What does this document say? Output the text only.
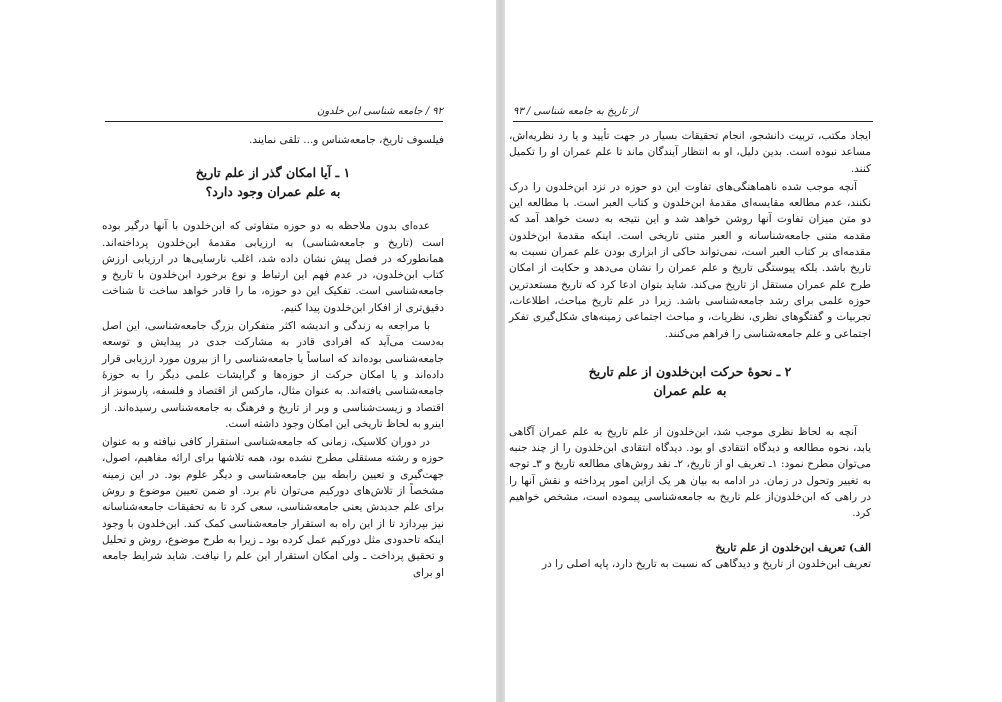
۹۲ / جامعه شناسی ابن خلدون

فیلسوف تاریخ، جامعه‌شناس و... تلقی نمایند.

۱ ـ آیا امکان گذر از علم تاریخ
به علم عمران وجود دارد؟

عده‌ای بدون ملاحظه به دو حوزه متفاوتی که ابن‌خلدون با آنها درگیر بوده است (تاریخ و جامعه‌شناسی) به ارزیابی مقدمهٔ ابن‌خلدون پرداخته‌اند. همانطورکه در فصل پیش نشان داده شد، اغلب نارسایی‌ها در ارزیابی ارزش کتاب ابن‌خلدون، در عدم فهم این ارتباط و نوع برخورد ابن‌خلدون با تاریخ و جامعه‌شناسی است. تفکیک این دو حوزه، ما را قادر خواهد ساخت تا شناخت دقیق‌تری از افکار ابن‌خلدون پیدا کنیم.

با مراجعه به زندگی و اندیشه اکثر متفکران بزرگ جامعه‌شناسی، این اصل به‌دست می‌آید که افرادی قادر به مشارکت جدی در پیدایش و توسعه جامعه‌شناسی بوده‌اند که اساساً یا جامعه‌شناسی را از بیرون مورد ارزیابی قرار داده‌اند و یا امکان حرکت از حوزه‌ها و گرایشات علمی دیگر را به حوزهٔ جامعه‌شناسی یافته‌اند. به عنوان مثال، مارکس از اقتصاد و فلسفه، پارسونز از اقتصاد و زیست‌شناسی و وبر از تاریخ و فرهنگ به جامعه‌شناسی رسیده‌اند. از اینرو به لحاظ تاریخی این امکان وجود داشته است.

در دوران کلاسیک، زمانی که جامعه‌شناسی استقرار کافی نیافته و به عنوان حوزه و رشته مستقلی مطرح نشده بود، همه تلاشها برای ارائه مفاهیم، اصول، جهت‌گیری و تعیین رابطه بین جامعه‌شناسی و دیگر علوم بود. در این زمینه مشخصاً از تلاش‌های دورکیم می‌توان نام برد. او ضمن تعیین موضوع و روش برای علم جدیدش یعنی جامعه‌شناسی، سعی کرد تا به تحقیقات جامعه‌شناسانه نیز بپردازد تا از این راه به استقرار جامعه‌شناسی کمک کند. ابن‌خلدون با وجود اینکه تاحدودی مثل دورکیم عمل کرده بود ـ زیرا به طرح موضوع، روش و تحلیل و تحقیق پرداخت ـ ولی امکان استقرار این علم را نیافت. شاید شرایط جامعه او برای

از تاریخ به جامعه شناسی / ۹۳

ایجاد مکتب، تربیت دانشجو، انجام تحقیقات بسیار در جهت تأیید و یا رد نظریه‌اش، مساعد نبوده است. بدین دلیل، او به انتظار آیندگان ماند تا علم عمران او را تکمیل کنند.

آنچه موجب شده ناهماهنگی‌های تفاوت این دو حوزه در نزد ابن‌خلدون را درک نکنند، عدم مطالعه مقایسه‌ای مقدمهٔ ابن‌خلدون و کتاب العبر است. با مطالعه این دو متن میزان تفاوت آنها روشن خواهد شد و این نتیجه به دست خواهد آمد که مقدمه متنی جامعه‌شناسانه و العبر متنی تاریخی است. اینکه مقدمهٔ ابن‌خلدون مقدمه‌ای بر کتاب العبر است، نمی‌تواند حاکی از ابزاری بودن علم عمران نسبت به تاریخ باشد. بلکه پیوستگی تاریخ و علم عمران را نشان می‌دهد و حکایت از امکان طرح علم عمران مستقل از تاریخ می‌کند. شاید بتوان ادعا کرد که تاریخ مستعدترین حوزه علمی برای رشد جامعه‌شناسی باشد. زیرا در علم تاریخ مباحث، اطلاعات، تجربیات و گفتگوهای نظری، نظریات، و مباحث اجتماعی زمینه‌های شکل‌گیری تفکر اجتماعی و علم جامعه‌شناسی را فراهم می‌کنند.

۲ ـ نحوهٔ حرکت ابن‌خلدون از علم تاریخ
به علم عمران

آنچه به لحاظ نظری موجب شد، ابن‌خلدون از علم تاریخ به علم عمران آگاهی یابد، نحوه مطالعه و دیدگاه انتقادی او بود. دیدگاه انتقادی ابن‌خلدون را از چند جنبه می‌توان مطرح نمود: ۱ـ تعریف او از تاریخ، ۲ـ نقد روش‌های مطالعه تاریخ و ۳ـ توجه به تغییر وتحول در زمان. در ادامه به بیان هر یک ازاین امور پرداخته و نقش آنها را در راهی که ابن‌خلدون‌از علم تاریخ به جامعه‌شناسی پیموده است، مشخص خواهیم کرد.

الف) تعریف ابن‌خلدون از علم تاریخ

تعریف ابن‌خلدون از تاریخ و دیدگاهی که نسبت به تاریخ دارد، پایه اصلی را در
